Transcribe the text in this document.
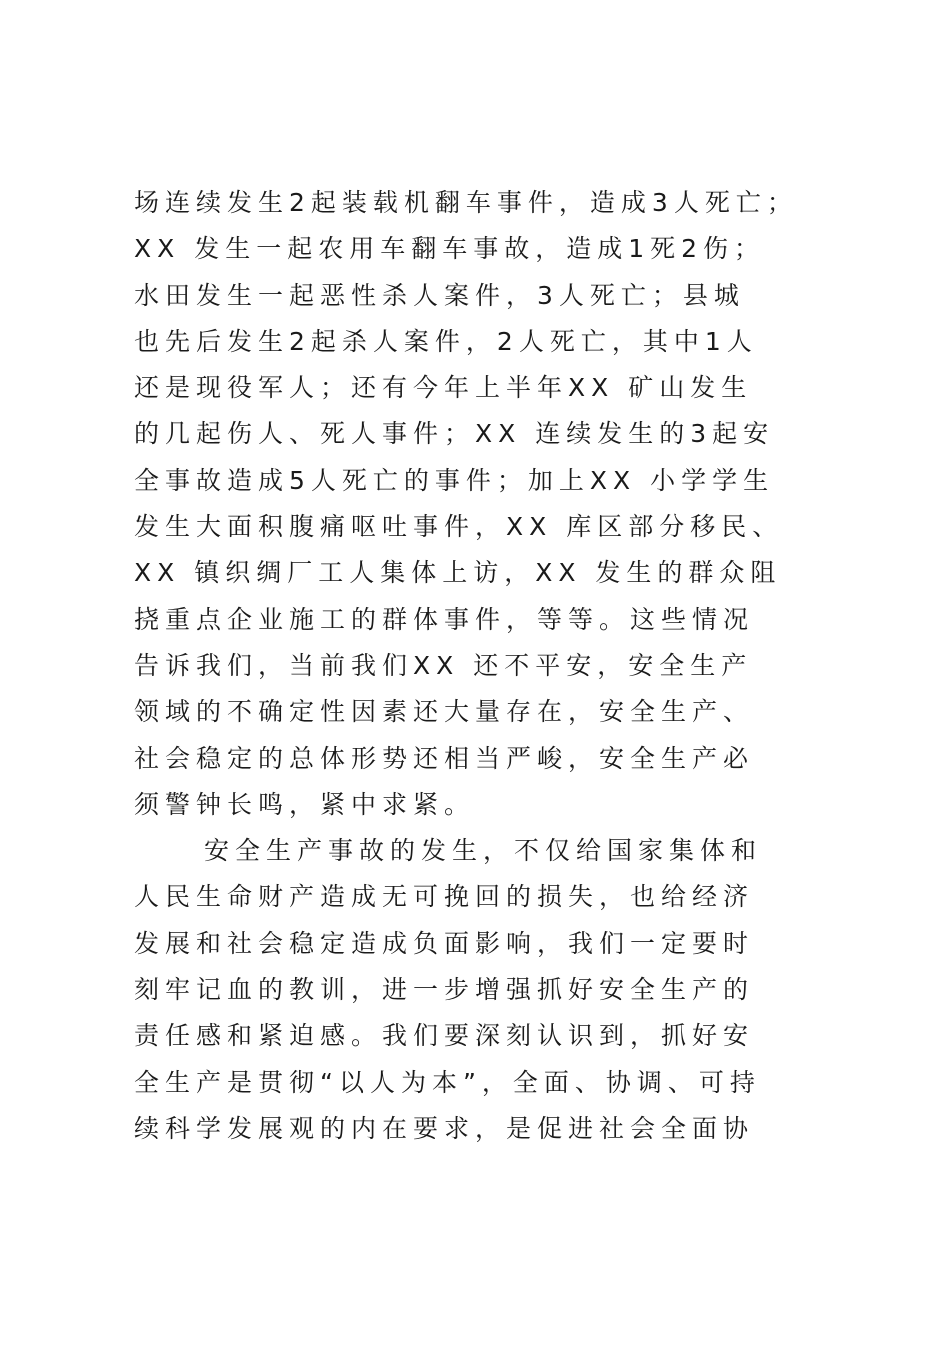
场连续发生2起装载机翻车事件，造成3人死亡；
XX 发生一起农用车翻车事故，造成1死2伤；
水田发生一起恶性杀人案件，3人死亡；县城
也先后发生2起杀人案件，2人死亡，其中1人
还是现役军人；还有今年上半年XX 矿山发生
的几起伤人、死人事件；XX 连续发生的3起安
全事故造成5人死亡的事件；加上XX 小学学生
发生大面积腹痛呕吐事件，XX 库区部分移民、
XX 镇织绸厂工人集体上访，XX 发生的群众阻
挠重点企业施工的群体事件，等等。这些情况
告诉我们，当前我们XX 还不平安，安全生产
领域的不确定性因素还大量存在，安全生产、
社会稳定的总体形势还相当严峻，安全生产必
须警钟长鸣，紧中求紧。
安全生产事故的发生，不仅给国家集体和
人民生命财产造成无可挽回的损失，也给经济
发展和社会稳定造成负面影响，我们一定要时
刻牢记血的教训，进一步增强抓好安全生产的
责任感和紧迫感。我们要深刻认识到，抓好安
全生产是贯彻“以人为本”，全面、协调、可持
续科学发展观的内在要求，是促进社会全面协
